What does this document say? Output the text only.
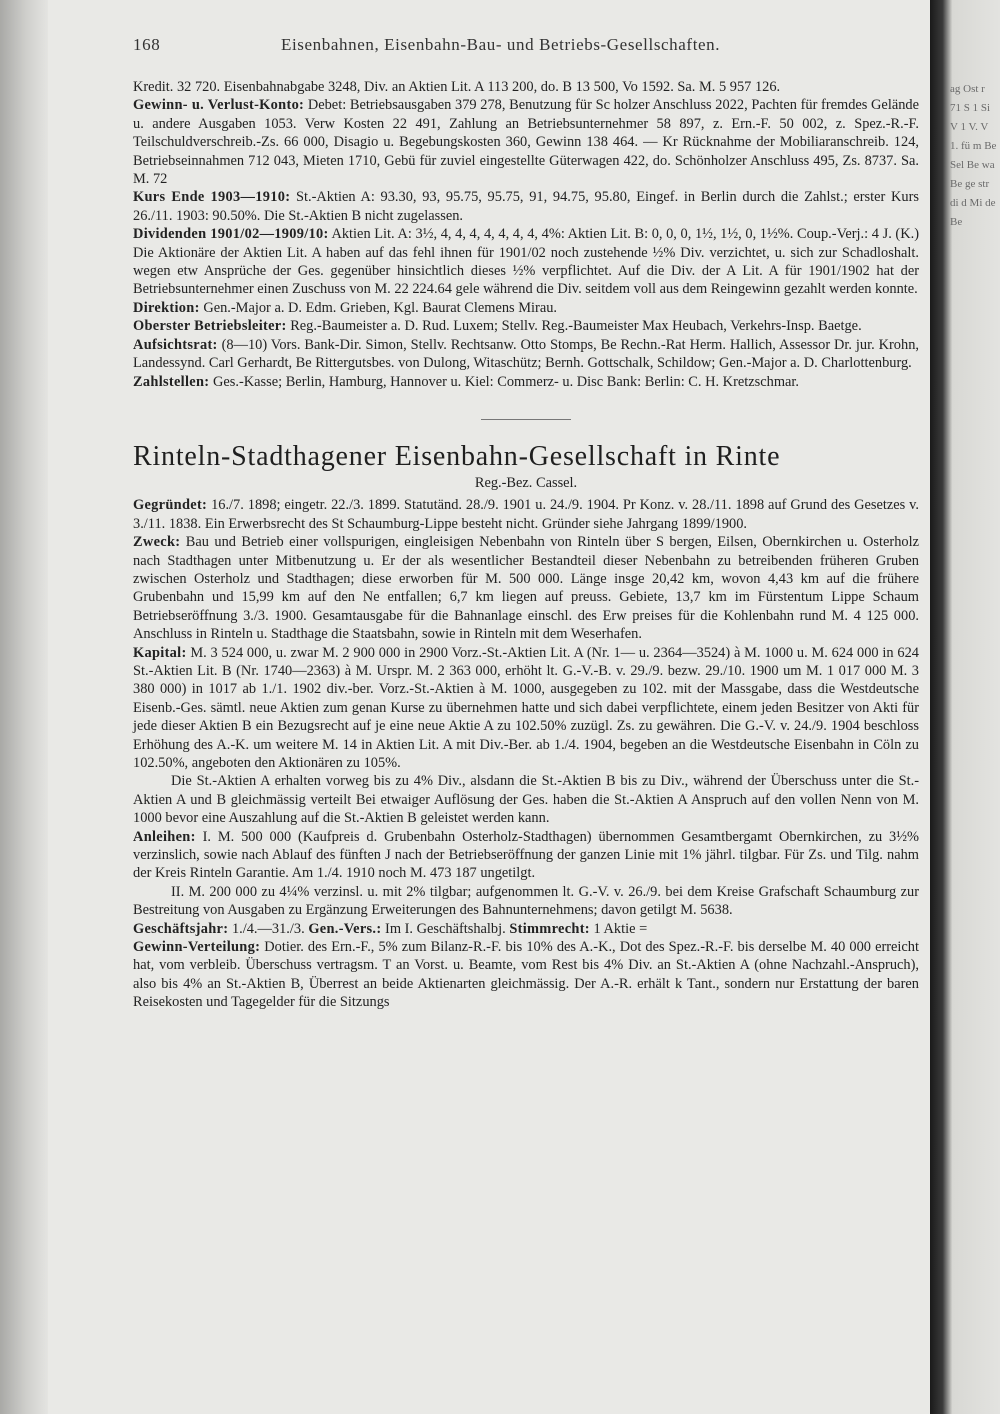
168	Eisenbahnen, Eisenbahn-Bau- und Betriebs-Gesellschaften.

Kredit. 32 720. Eisenbahnabgabe 3248, Div. an Aktien Lit. A 113 200, do. B 13 500, Vo 1592. Sa. M. 5 957 126.

Gewinn- u. Verlust-Konto: Debet: Betriebsausgaben 379 278, Benutzung für Sc holzer Anschluss 2022, Pachten für fremdes Gelände u. andere Ausgaben 1053. Verw Kosten 22 491, Zahlung an Betriebsunternehmer 58 897, z. Ern.-F. 50 002, z. Spez.-R.-F. Teilschuldverschreib.-Zs. 66 000, Disagio u. Begebungskosten 360, Gewinn 138 464. — Kr Rücknahme der Mobiliaranschreib. 124, Betriebseinnahmen 712 043, Mieten 1710, Gebü für zuviel eingestellte Güterwagen 422, do. Schönholzer Anschluss 495, Zs. 8737. Sa. M. 72

Kurs Ende 1903—1910: St.-Aktien A: 93.30, 93, 95.75, 95.75, 91, 94.75, 95.80, Eingef. in Berlin durch die Zahlst.; erster Kurs 26./11. 1903: 90.50%. Die St.-Aktien B nicht zugelassen.

Dividenden 1901/02—1909/10: Aktien Lit. A: 3½, 4, 4, 4, 4, 4, 4, 4, 4%: Aktien Lit. B: 0, 0, 0, 1½, 1½, 0, 1½%. Coup.-Verj.: 4 J. (K.) Die Aktionäre der Aktien Lit. A haben auf das fehl ihnen für 1901/02 noch zustehende ½% Div. verzichtet, u. sich zur Schadloshalt. wegen etw Ansprüche der Ges. gegenüber hinsichtlich dieses ½% verpflichtet. Auf die Div. der A Lit. A für 1901/1902 hat der Betriebsunternehmer einen Zuschuss von M. 22 224.64 gele während die Div. seitdem voll aus dem Reingewinn gezahlt werden konnte.

Direktion: Gen.-Major a. D. Edm. Grieben, Kgl. Baurat Clemens Mirau.

Oberster Betriebsleiter: Reg.-Baumeister a. D. Rud. Luxem; Stellv. Reg.-Baumeister Max Heubach, Verkehrs-Insp. Baetge.

Aufsichtsrat: (8—10) Vors. Bank-Dir. Simon, Stellv. Rechtsanw. Otto Stomps, Be Rechn.-Rat Herm. Hallich, Assessor Dr. jur. Krohn, Landessynd. Carl Gerhardt, Be Rittergutsbes. von Dulong, Witaschütz; Bernh. Gottschalk, Schildow; Gen.-Major a. D. Charlottenburg.

Zahlstellen: Ges.-Kasse; Berlin, Hamburg, Hannover u. Kiel: Commerz- u. Disc Bank: Berlin: C. H. Kretzschmar.

Rinteln-Stadthagener Eisenbahn-Gesellschaft in Rinte

Reg.-Bez. Cassel.

Gegründet: 16./7. 1898; eingetr. 22./3. 1899. Statutänd. 28./9. 1901 u. 24./9. 1904. Pr Konz. v. 28./11. 1898 auf Grund des Gesetzes v. 3./11. 1838. Ein Erwerbsrecht des St Schaumburg-Lippe besteht nicht. Gründer siehe Jahrgang 1899/1900.

Zweck: Bau und Betrieb einer vollspurigen, eingleisigen Nebenbahn von Rinteln über S bergen, Eilsen, Obernkirchen u. Osterholz nach Stadthagen unter Mitbenutzung u. Er der als wesentlicher Bestandteil dieser Nebenbahn zu betreibenden früheren Gruben zwischen Osterholz und Stadthagen; diese erworben für M. 500 000. Länge insge 20,42 km, wovon 4,43 km auf die frühere Grubenbahn und 15,99 km auf den Ne entfallen; 6,7 km liegen auf preuss. Gebiete, 13,7 km im Fürstentum Lippe Schaum Betriebseröffnung 3./3. 1900. Gesamtausgabe für die Bahnanlage einschl. des Erw preises für die Kohlenbahn rund M. 4 125 000. Anschluss in Rinteln u. Stadthage die Staatsbahn, sowie in Rinteln mit dem Weserhafen.

Kapital: M. 3 524 000, u. zwar M. 2 900 000 in 2900 Vorz.-St.-Aktien Lit. A (Nr. 1— u. 2364—3524) à M. 1000 u. M. 624 000 in 624 St.-Aktien Lit. B (Nr. 1740—2363) à M. Urspr. M. 2 363 000, erhöht lt. G.-V.-B. v. 29./9. bezw. 29./10. 1900 um M. 1 017 000 M. 3 380 000) in 1017 ab 1./1. 1902 div.-ber. Vorz.-St.-Aktien à M. 1000, ausgegeben zu 102. mit der Massgabe, dass die Westdeutsche Eisenb.-Ges. sämtl. neue Aktien zum genan Kurse zu übernehmen hatte und sich dabei verpflichtete, einem jeden Besitzer von Akti für jede dieser Aktien B ein Bezugsrecht auf je eine neue Aktie A zu 102.50% zuzügl. Zs. zu gewähren. Die G.-V. v. 24./9. 1904 beschloss Erhöhung des A.-K. um weitere M. 14 in Aktien Lit. A mit Div.-Ber. ab 1./4. 1904, begeben an die Westdeutsche Eisenbahn in Cöln zu 102.50%, angeboten den Aktionären zu 105%.

Die St.-Aktien A erhalten vorweg bis zu 4% Div., alsdann die St.-Aktien B bis zu Div., während der Überschuss unter die St.-Aktien A und B gleichmässig verteilt Bei etwaiger Auflösung der Ges. haben die St.-Aktien A Anspruch auf den vollen Nenn von M. 1000 bevor eine Auszahlung auf die St.-Aktien B geleistet werden kann.

Anleihen: I. M. 500 000 (Kaufpreis d. Grubenbahn Osterholz-Stadthagen) übernommen Gesamtbergamt Obernkirchen, zu 3½% verzinslich, sowie nach Ablauf des fünften J nach der Betriebseröffnung der ganzen Linie mit 1% jährl. tilgbar. Für Zs. und Tilg. nahm der Kreis Rinteln Garantie. Am 1./4. 1910 noch M. 473 187 ungetilgt.

II. M. 200 000 zu 4¼% verzinsl. u. mit 2% tilgbar; aufgenommen lt. G.-V. v. 26./9. bei dem Kreise Grafschaft Schaumburg zur Bestreitung von Ausgaben zu Ergänzung Erweiterungen des Bahnunternehmens; davon getilgt M. 5638.

Geschäftsjahr: 1./4.—31./3. Gen.-Vers.: Im I. Geschäftshalbj. Stimmrecht: 1 Aktie =

Gewinn-Verteilung: Dotier. des Ern.-F., 5% zum Bilanz-R.-F. bis 10% des A.-K., Dot des Spez.-R.-F. bis derselbe M. 40 000 erreicht hat, vom verbleib. Überschuss vertragsm. T an Vorst. u. Beamte, vom Rest bis 4% Div. an St.-Aktien A (ohne Nachzahl.-Anspruch), also bis 4% an St.-Aktien B, Überrest an beide Aktienarten gleichmässig. Der A.-R. erhält k Tant., sondern nur Erstattung der baren Reisekosten und Tagegelder für die Sitzungs

ag Ost r 71 S 1 Si V 1 V. V 1. fü m Be Sel Be wa Be ge str di d Mi de Be
